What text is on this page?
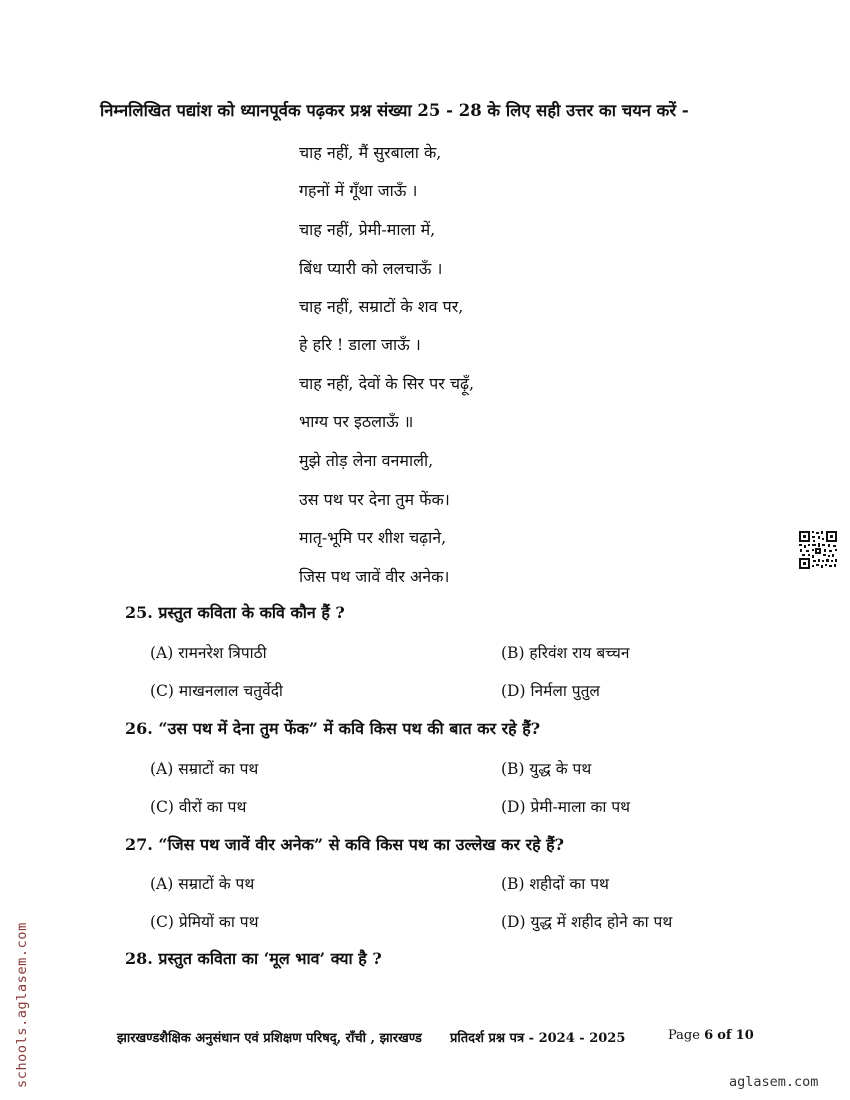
निम्नलिखित पद्यांश को ध्यानपूर्वक पढ़कर प्रश्न संख्या 25 - 28 के लिए सही उत्तर का चयन करें -
चाह नहीं, मैं सुरबाला के,
गहनों में गूँथा जाऊँ ।
चाह नहीं, प्रेमी-माला में,
बिंध प्यारी को ललचाऊँ ।
चाह नहीं, सम्राटों के शव पर,
हे हरि ! डाला जाऊँ ।
चाह नहीं, देवों के सिर पर चढ़ूँ,
भाग्य पर इठलाऊँ ॥
मुझे तोड़ लेना वनमाली,
उस पथ पर देना तुम फेंक।
मातृ-भूमि पर शीश चढ़ाने,
जिस पथ जावें वीर अनेक।
25. प्रस्तुत कविता के कवि कौन हैं ?
(A) रामनरेश त्रिपाठी	(B) हरिवंश राय बच्चन
(C) माखनलाल चतुर्वेदी	(D) निर्मला पुतुल
26. “उस पथ में देना तुम फेंक” में कवि किस पथ की बात कर रहे हैं?
(A) सम्राटों का पथ	(B) युद्ध के पथ
(C) वीरों का पथ	(D) प्रेमी-माला का पथ
27. “जिस पथ जावें वीर अनेक” से कवि किस पथ का उल्लेख कर रहे हैं?
(A) सम्राटों के पथ	(B) शहीदों का पथ
(C) प्रेमियों का पथ	(D) युद्ध में शहीद होने का पथ
28. प्रस्तुत कविता का ‘मूल भाव’ क्या है ?
झारखण्डशैक्षिक अनुसंधान एवं प्रशिक्षण परिषद्, राँची , झारखण्ड प्रतिदर्श प्रश्न पत्र - 2024 - 2025	Page 6 of 10
schools.aglasem.com	aglasem.com
